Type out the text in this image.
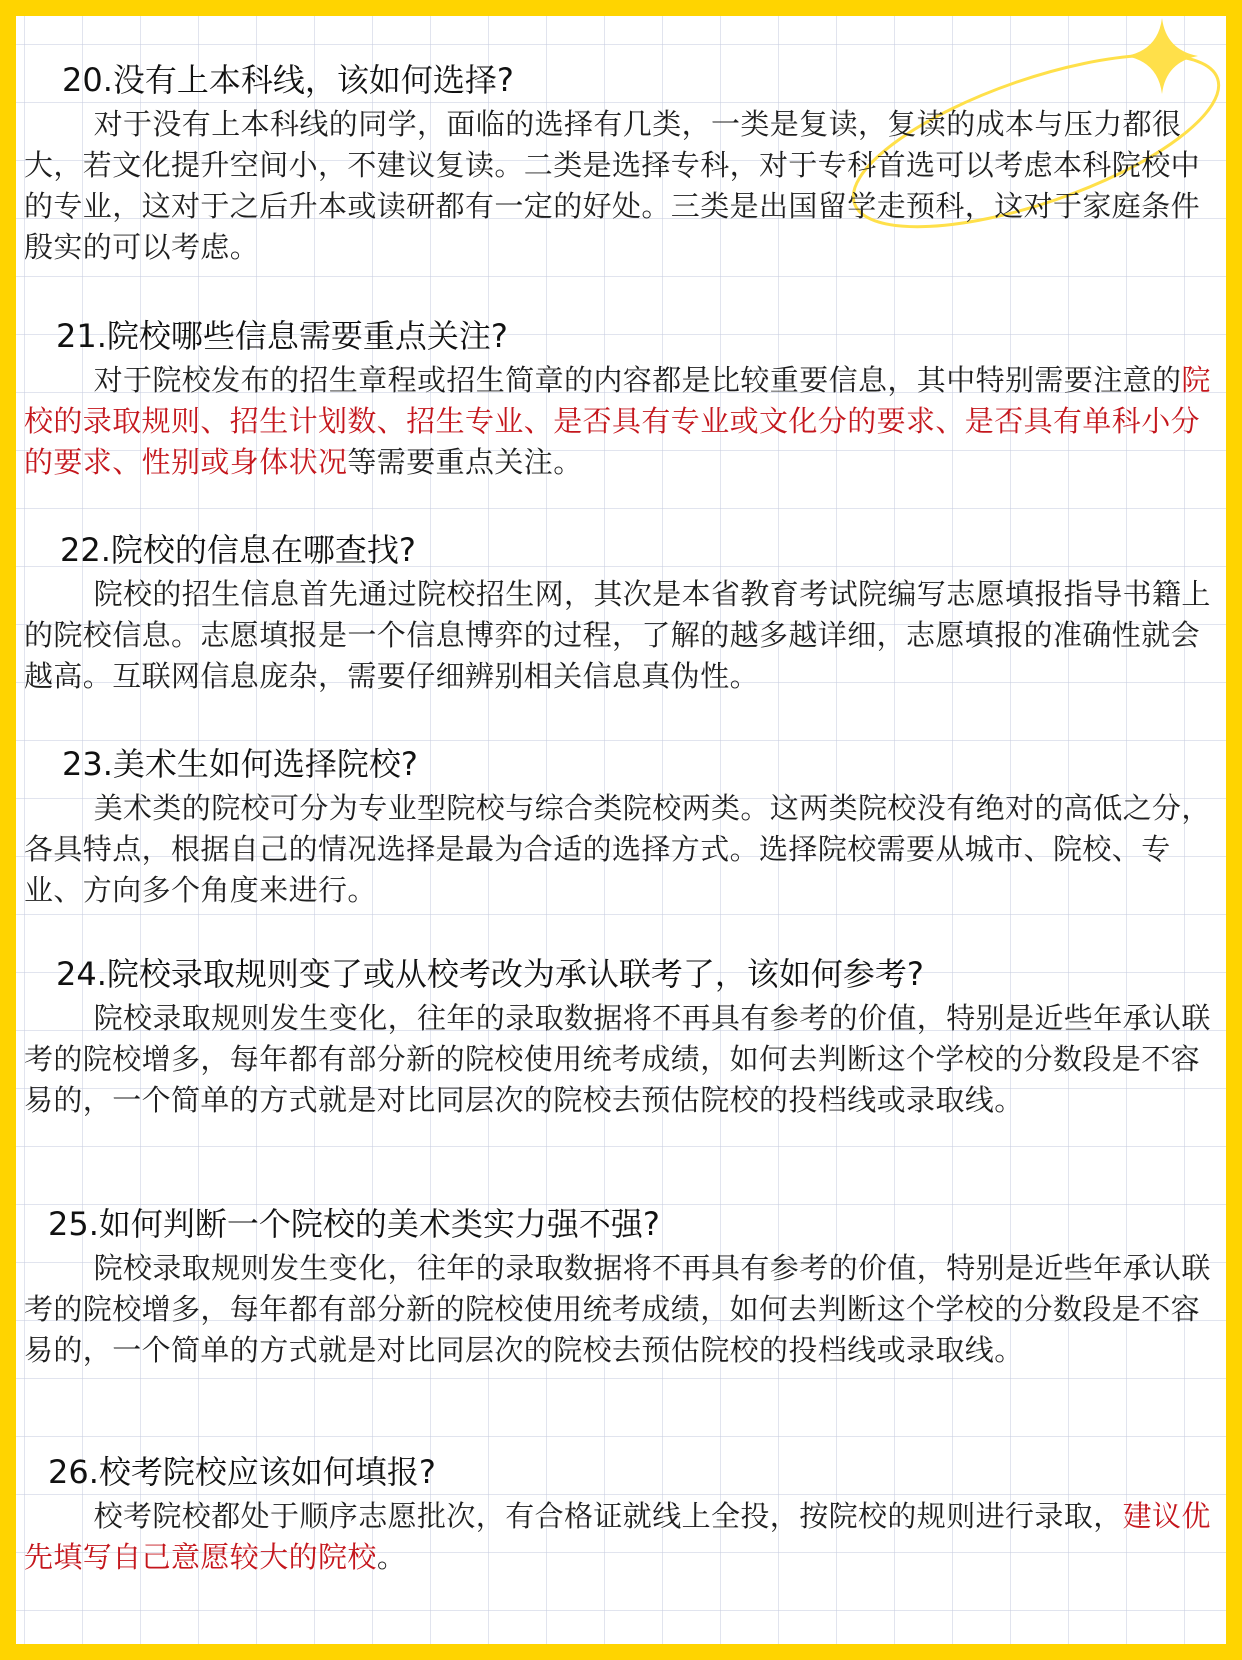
20.没有上本科线，该如何选择?

对于没有上本科线的同学，面临的选择有几类，一类是复读，复读的成本与压力都很大，若文化提升空间小，不建议复读。二类是选择专科，对于专科首选可以考虑本科院校中的专业，这对于之后升本或读研都有一定的好处。三类是出国留学走预科，这对于家庭条件殷实的可以考虑。

21.院校哪些信息需要重点关注?

对于院校发布的招生章程或招生简章的内容都是比较重要信息，其中特别需要注意的院校的录取规则、招生计划数、招生专业、是否具有专业或文化分的要求、是否具有单科小分的要求、性别或身体状况等需要重点关注。

22.院校的信息在哪查找?

院校的招生信息首先通过院校招生网，其次是本省教育考试院编写志愿填报指导书籍上的院校信息。志愿填报是一个信息博弈的过程，了解的越多越详细，志愿填报的准确性就会越高。互联网信息庞杂，需要仔细辨别相关信息真伪性。

23.美术生如何选择院校?

美术类的院校可分为专业型院校与综合类院校两类。这两类院校没有绝对的高低之分，各具特点，根据自己的情况选择是最为合适的选择方式。选择院校需要从城市、院校、专业、方向多个角度来进行。

24.院校录取规则变了或从校考改为承认联考了，该如何参考?

院校录取规则发生变化，往年的录取数据将不再具有参考的价值，特别是近些年承认联考的院校增多，每年都有部分新的院校使用统考成绩，如何去判断这个学校的分数段是不容易的，一个简单的方式就是对比同层次的院校去预估院校的投档线或录取线。

25.如何判断一个院校的美术类实力强不强?

院校录取规则发生变化，往年的录取数据将不再具有参考的价值，特别是近些年承认联考的院校增多，每年都有部分新的院校使用统考成绩，如何去判断这个学校的分数段是不容易的，一个简单的方式就是对比同层次的院校去预估院校的投档线或录取线。

26.校考院校应该如何填报?

校考院校都处于顺序志愿批次，有合格证就线上全投，按院校的规则进行录取，建议优先填写自己意愿较大的院校。
